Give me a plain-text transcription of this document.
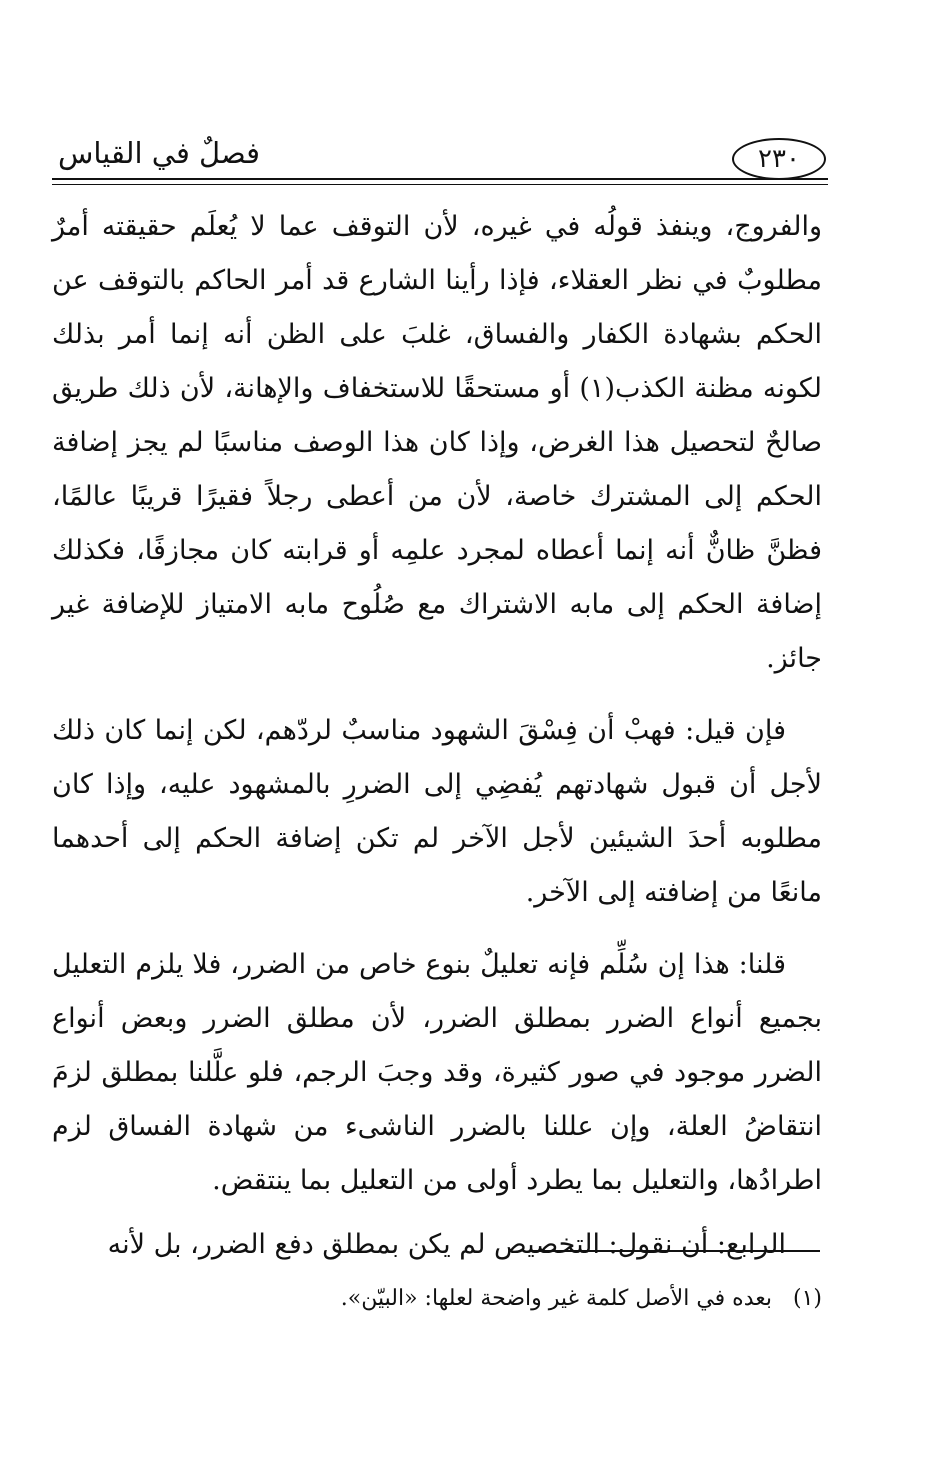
٢٣٠
فصلٌ في القياس

والفروج، وينفذ قولُه في غيره، لأن التوقف عما لا يُعلَم حقيقته أمرٌ مطلوبٌ في نظر العقلاء، فإذا رأينا الشارع قد أمر الحاكم بالتوقف عن الحكم بشهادة الكفار والفساق، غلبَ على الظن أنه إنما أمر بذلك لكونه مظنة الكذب(١) أو مستحقًا للاستخفاف والإهانة، لأن ذلك طريق صالحٌ لتحصيل هذا الغرض، وإذا كان هذا الوصف مناسبًا لم يجز إضافة الحكم إلى المشترك خاصة، لأن من أعطى رجلاً فقيرًا قريبًا عالمًا، فظنَّ ظانٌّ أنه إنما أعطاه لمجرد علمِه أو قرابته كان مجازفًا، فكذلك إضافة الحكم إلى مابه الاشتراك مع صُلُوح مابه الامتياز للإضافة غير جائز.

فإن قيل: فهبْ أن فِسْقَ الشهود مناسبٌ لردّهم، لكن إنما كان ذلك لأجل أن قبول شهادتهم يُفضِي إلى الضررِ بالمشهود عليه، وإذا كان مطلوبه أحدَ الشيئين لأجل الآخر لم تكن إضافة الحكم إلى أحدهما مانعًا من إضافته إلى الآخر.

قلنا: هذا إن سُلِّم فإنه تعليلٌ بنوع خاص من الضرر، فلا يلزم التعليل بجميع أنواع الضرر بمطلق الضرر، لأن مطلق الضرر وبعض أنواع الضرر موجود في صور كثيرة، وقد وجبَ الرجم، فلو علَّلنا بمطلق لزمَ انتقاضُ العلة، وإن عللنا بالضرر الناشىء من شهادة الفساق لزم اطرادُها، والتعليل بما يطرد أولى من التعليل بما ينتقض.

الرابع: أن نقول: التخصيص لم يكن بمطلق دفع الضرر، بل لأنه

(١) بعده في الأصل كلمة غير واضحة لعلها: «البيّن».
